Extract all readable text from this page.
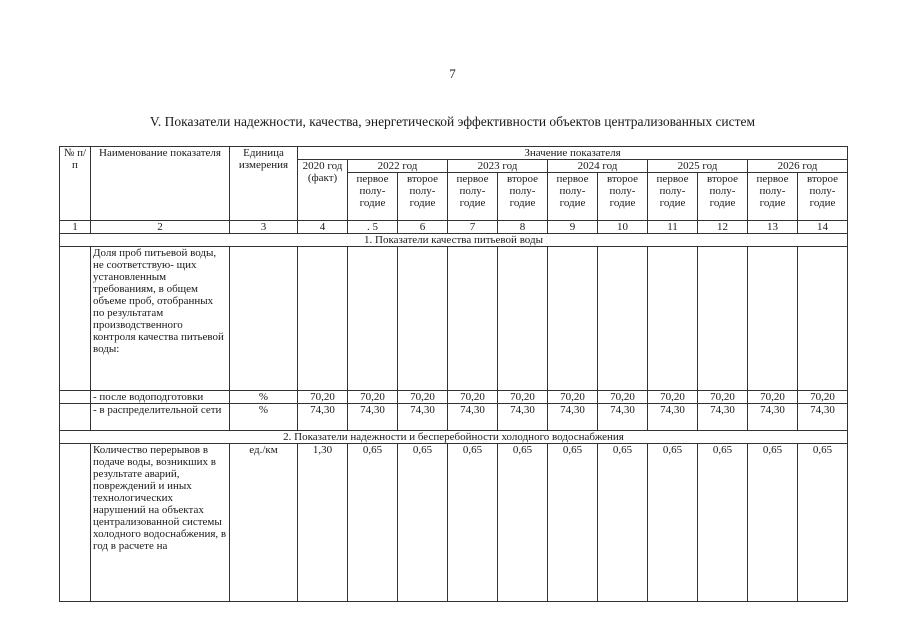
7
V. Показатели надежности, качества, энергетической эффективности объектов централизованных систем
№ п/п	Наименование показателя	Единица измерения	Значение показателя										
			2020 год (факт)	2022 год		2023 год		2024 год		2025 год		2026 год	
				первое полу- годие	второе полу- годие	первое полу- годие	второе полу- годие	первое полу- годие	второе полу- годие	первое полу- годие	второе полу- годие	первое полу- годие	второе полу- годие
1	2	3	4	. 5	6	7	8	9	10	11	12	13	14
1. Показатели качества питьевой воды													
	Доля проб питьевой воды, не соответствую- щих установленным требованиям, в общем объеме проб, отобранных по результатам производственного контроля качества питьевой воды:												
	- после водоподготовки	%	70,20	70,20	70,20	70,20	70,20	70,20	70,20	70,20	70,20	70,20	70,20
	- в распределительной сети	%	74,30	74,30	74,30	74,30	74,30	74,30	74,30	74,30	74,30	74,30	74,30
2. Показатели надежности и бесперебойности холодного водоснабжения													
	Количество перерывов в подаче воды, возникших в результате аварий, повреждений и иных технологических нарушений на объектах централизованной системы холодного водоснабжения, в год в расчете на	ед./км	1,30	0,65	0,65	0,65	0,65	0,65	0,65	0,65	0,65	0,65	0,65
